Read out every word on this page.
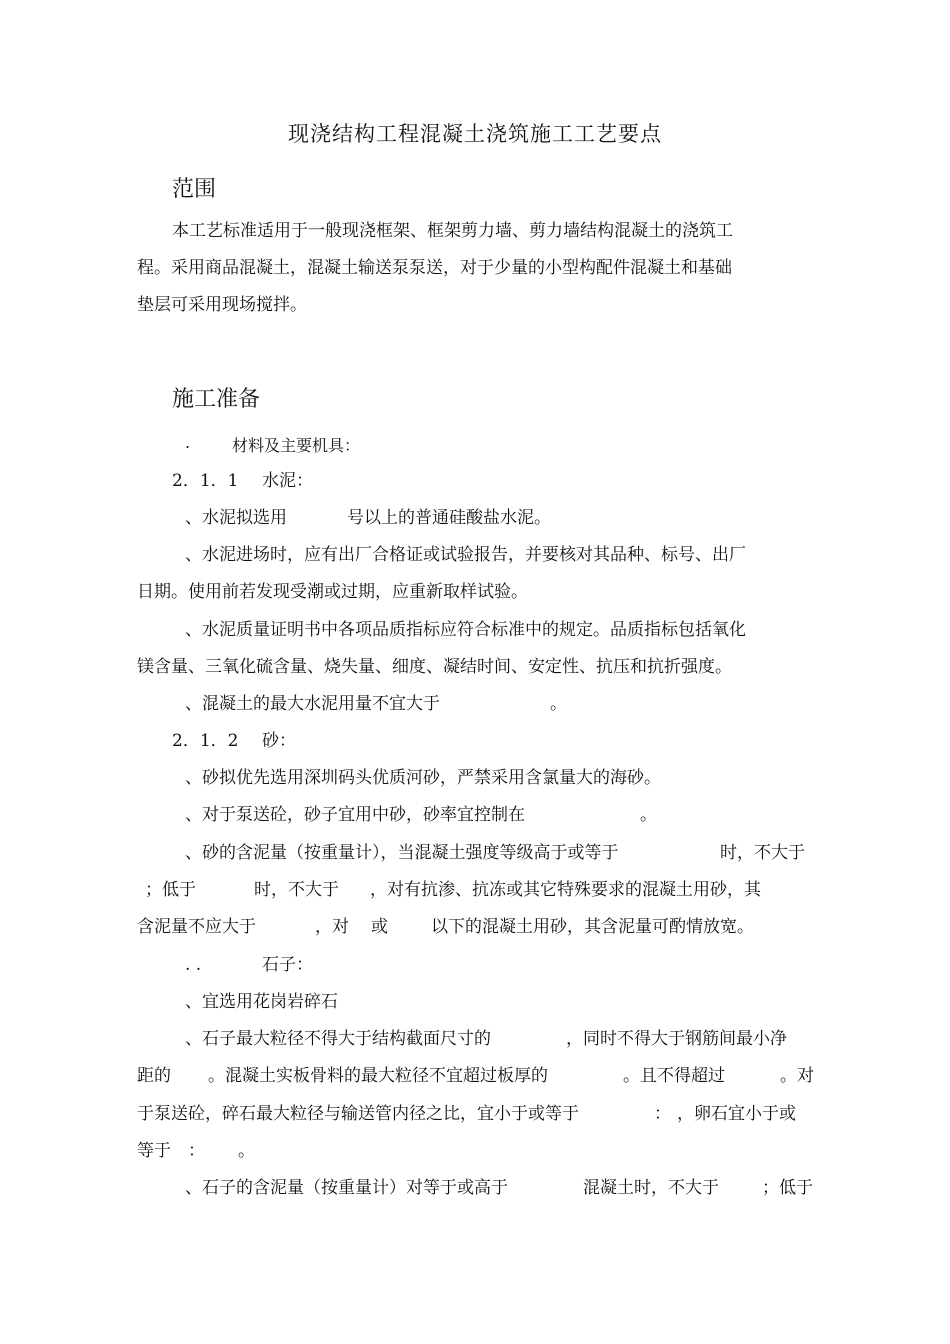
现浇结构工程混凝土浇筑施工工艺要点
范围
本工艺标准适用于一般现浇框架、框架剪力墙、剪力墙结构混凝土的浇筑工
程。采用商品混凝土，混凝土输送泵泵送，对于少量的小型构配件混凝土和基础
垫层可采用现场搅拌。
施工准备
.	材料及主要机具：
2．1．1 水泥：
、水泥拟选用	号以上的普通硅酸盐水泥。
、水泥进场时，应有出厂合格证或试验报告，并要核对其品种、标号、出厂
日期。使用前若发现受潮或过期，应重新取样试验。
、水泥质量证明书中各项品质指标应符合标准中的规定。品质指标包括氧化
镁含量、三氧化硫含量、烧失量、细度、凝结时间、安定性、抗压和抗折强度。
、混凝土的最大水泥用量不宜大于	。
2．1．2 砂：
、砂拟优先选用深圳码头优质河砂，严禁采用含氯量大的海砂。
、对于泵送砼，砂子宜用中砂，砂率宜控制在	。
、砂的含泥量（按重量计），当混凝土强度等级高于或等于	时，不大于
；低于	时，不大于 ，对有抗渗、抗冻或其它特殊要求的混凝土用砂，其
含泥量不应大于	，对 或	以下的混凝土用砂，其含泥量可酌情放宽。
. .	石子：
、宜选用花岗岩碎石
、石子最大粒径不得大于结构截面尺寸的	，同时不得大于钢筋间最小净
距的 。混凝土实板骨料的最大粒径不宜超过板厚的	。且不得超过	。对
于泵送砼，碎石最大粒径与输送管内径之比，宜小于或等于	： ，卵石宜小于或
等于 ： 。
、石子的含泥量（按重量计）对等于或高于	混凝土时，不大于	；低于
